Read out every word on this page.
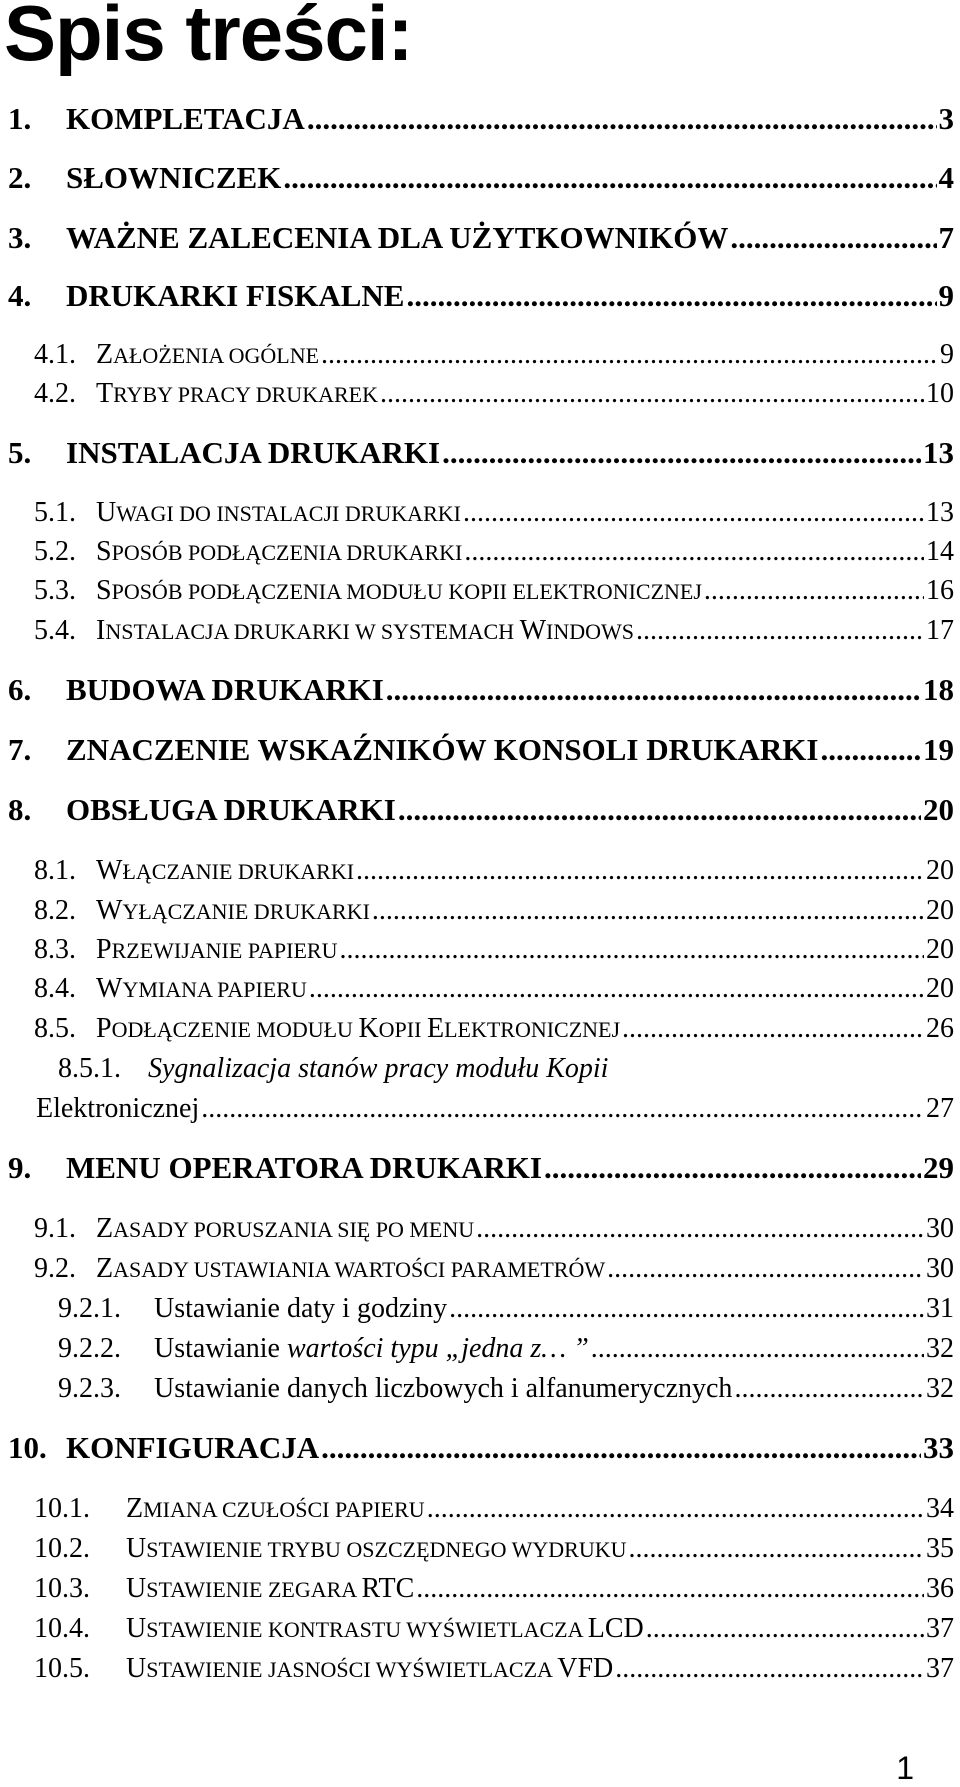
Spis treści:
1. KOMPLETACJA .....	3
2. SŁOWNICZEK .....	4
3. WAŻNE ZALECENIA DLA UŻYTKOWNIKÓW .....	7
4. DRUKARKI FISKALNE .....	9
4.1. ZAŁOŻENIA OGÓLNE .....	9
4.2. TRYBY PRACY DRUKAREK .....	10
5. INSTALACJA DRUKARKI .....	13
5.1. UWAGI DO INSTALACJI DRUKARKI .....	13
5.2. SPOSÓB PODŁĄCZENIA DRUKARKI .....	14
5.3. SPOSÓB PODŁĄCZENIA MODUŁU KOPII ELEKTRONICZNEJ .....	16
5.4. INSTALACJA DRUKARKI W SYSTEMACH WINDOWS .....	17
6. BUDOWA DRUKARKI .....	18
7. ZNACZENIE WSKAŹNIKÓW KONSOLI DRUKARKI .....	19
8. OBSŁUGA DRUKARKI .....	20
8.1. WŁĄCZANIE DRUKARKI .....	20
8.2. WYŁĄCZANIE DRUKARKI .....	20
8.3. PRZEWIJANIE PAPIERU .....	20
8.4. WYMIANA PAPIERU .....	20
8.5. PODŁĄCZENIE MODUŁU KOPII ELEKTRONICZNEJ .....	26
8.5.1. Sygnalizacja stanów pracy modułu Kopii
Elektronicznej .....	27
9. MENU OPERATORA DRUKARKI .....	29
9.1. ZASADY PORUSZANIA SIĘ PO MENU .....	30
9.2. ZASADY USTAWIANIA WARTOŚCI PARAMETRÓW .....	30
9.2.1. Ustawianie daty i godziny .....	31
9.2.2. Ustawianie wartości typu „jedna z… ” .....	32
9.2.3. Ustawianie danych liczbowych i alfanumerycznych .....	32
10. KONFIGURACJA .....	33
10.1. ZMIANA CZUŁOŚCI PAPIERU .....	34
10.2. USTAWIENIE TRYBU OSZCZĘDNEGO WYDRUKU .....	35
10.3. USTAWIENIE ZEGARA RTC .....	36
10.4. USTAWIENIE KONTRASTU WYŚWIETLACZA LCD .....	37
10.5. USTAWIENIE JASNOŚCI WYŚWIETLACZA VFD .....	37
1
